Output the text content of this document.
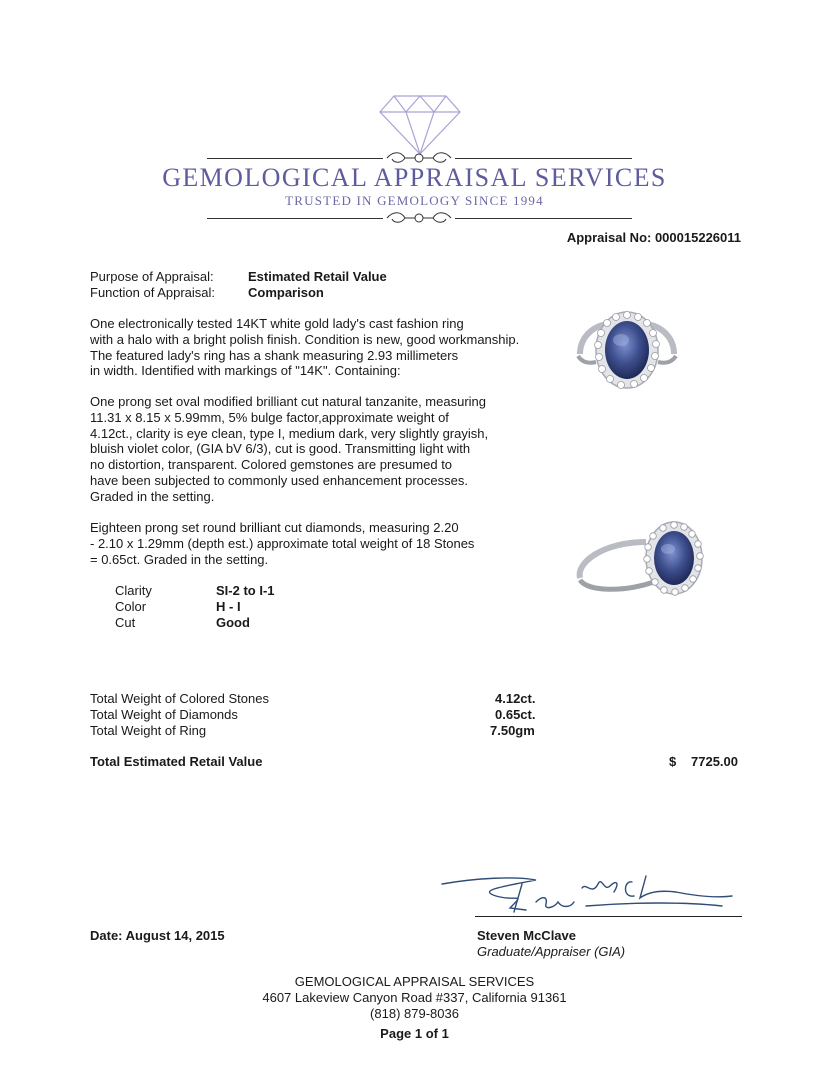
GEMOLOGICAL APPRAISAL SERVICES
TRUSTED IN GEMOLOGY SINCE 1994
Appraisal No: 000015226011
Purpose of Appraisal:	Estimated Retail Value
Function of Appraisal:	Comparison
One electronically tested 14KT white gold lady's cast fashion ring
with a halo with a bright polish finish. Condition is new, good workmanship.
The featured lady's ring has a shank measuring 2.93 millimeters
in width. Identified with markings of "14K". Containing:
One prong set oval modified brilliant cut natural tanzanite, measuring
11.31 x 8.15 x 5.99mm, 5% bulge factor,approximate weight of
4.12ct., clarity is eye clean, type I, medium dark, very slightly grayish,
bluish violet color, (GIA bV 6/3), cut is good. Transmitting light with
no distortion, transparent. Colored gemstones are presumed to
have been subjected to commonly used enhancement processes.
Graded in the setting.
Eighteen prong set round brilliant cut diamonds, measuring 2.20
- 2.10 x 1.29mm (depth est.) approximate total weight of 18 Stones
= 0.65ct. Graded in the setting.
Clarity	SI-2 to I-1
Color	H - I
Cut	Good
Total Weight of Colored Stones	4.12ct.
Total Weight of Diamonds	0.65ct.
Total Weight of Ring	7.50gm
Total Estimated Retail Value	$ 7725.00
Date: August 14, 2015	Steven McClave
Graduate/Appraiser (GIA)
GEMOLOGICAL APPRAISAL SERVICES
4607 Lakeview Canyon Road #337, California 91361
(818) 879-8036
Page 1 of 1
